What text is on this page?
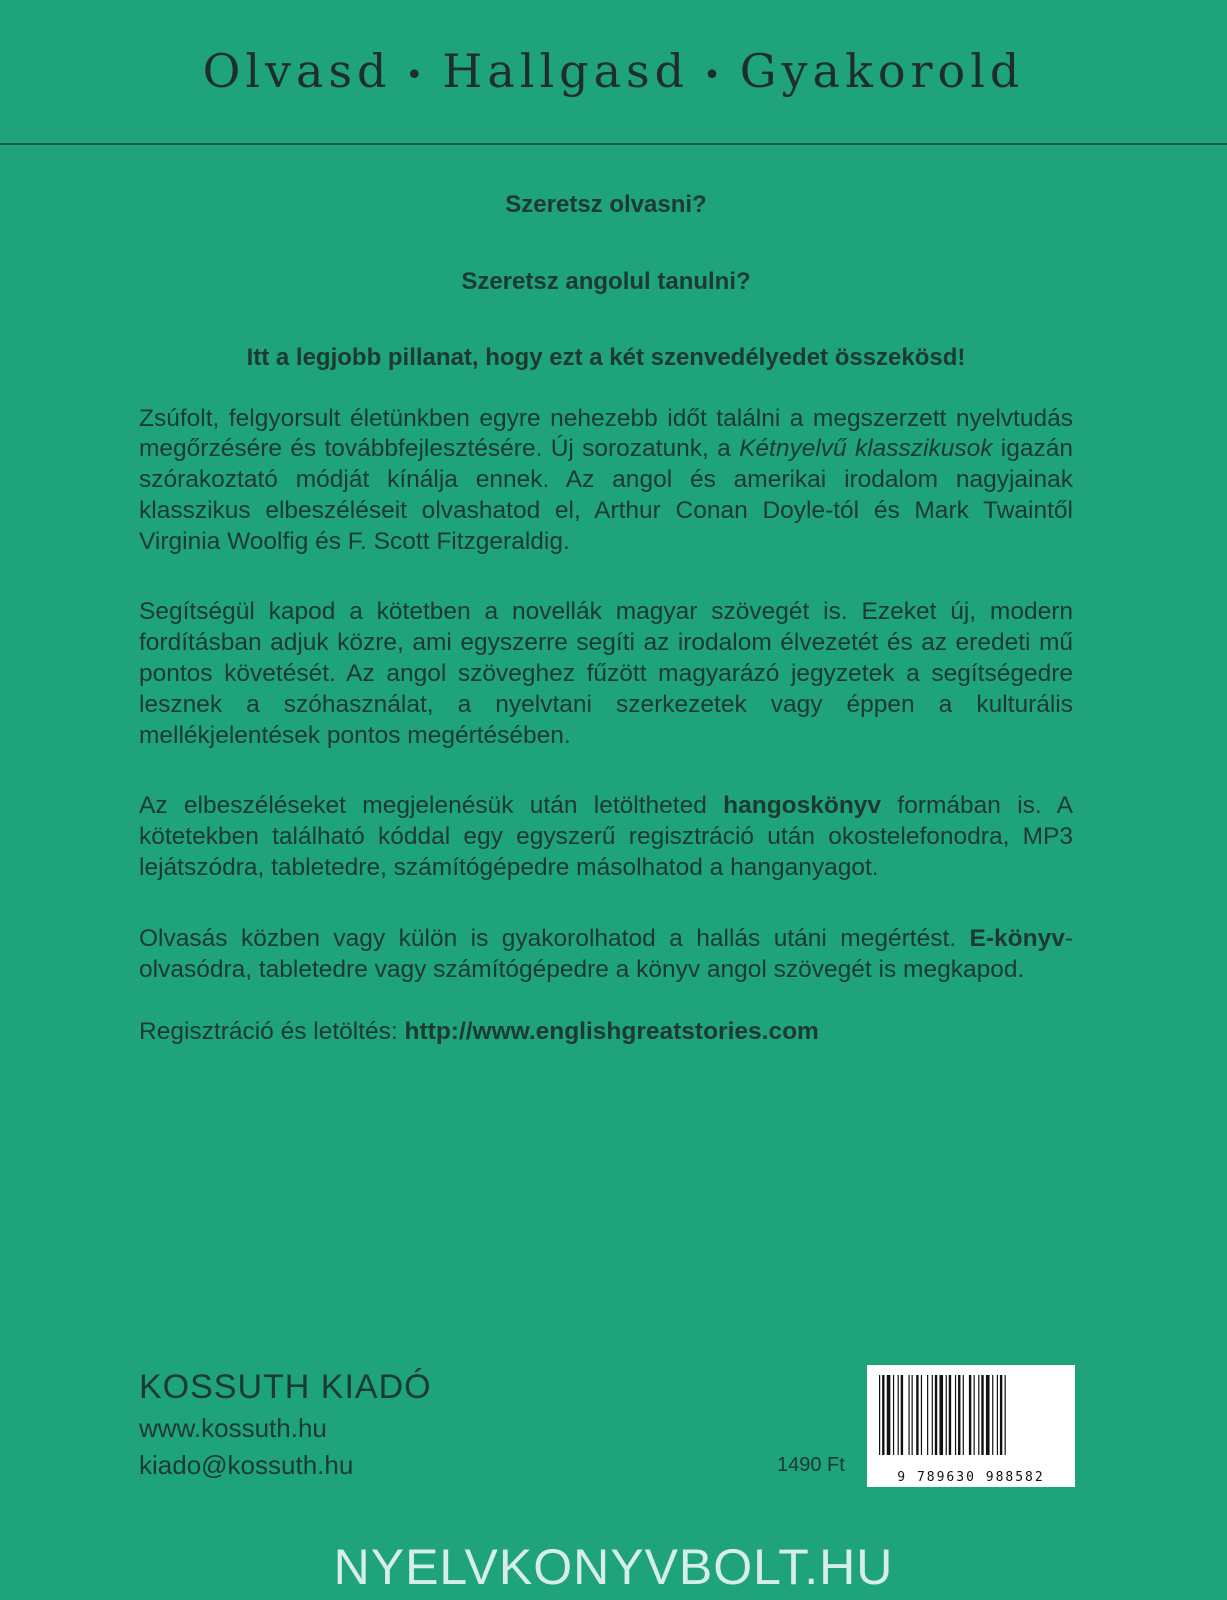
Olvasd • Hallgasd • Gyakorold

Szeretsz olvasni?

Szeretsz angolul tanulni?

Itt a legjobb pillanat, hogy ezt a két szenvedélyedet összekösd!

Zsúfolt, felgyorsult életünkben egyre nehezebb időt találni a megszerzett nyelvtudás megőrzésére és továbbfejlesztésére. Új sorozatunk, a Kétnyelvű klasszikusok igazán szórakoztató módját kínálja ennek. Az angol és amerikai irodalom nagyjainak klasszikus elbeszéléseit olvashatod el, Arthur Conan Doyle-tól és Mark Twaintől Virginia Woolfig és F. Scott Fitzgeraldig.

Segítségül kapod a kötetben a novellák magyar szövegét is. Ezeket új, modern fordításban adjuk közre, ami egyszerre segíti az irodalom élvezetét és az eredeti mű pontos követését. Az angol szöveghez fűzött magyarázó jegyzetek a segítségedre lesznek a szóhasználat, a nyelvtani szerkezetek vagy éppen a kulturális mellékjelentések pontos megértésében.

Az elbeszéléseket megjelenésük után letöltheted hangoskönyv formában is. A kötetekben található kóddal egy egyszerű regisztráció után okostelefonodra, MP3 lejátszódra, tabletedre, számítógépedre másolhatod a hanganyagot.

Olvasás közben vagy külön is gyakorolhatod a hallás utáni megértést. E-könyv-olvasódra, tabletedre vagy számítógépedre a könyv angol szövegét is megkapod.

Regisztráció és letöltés: http://www.englishgreatstories.com

KOSSUTH KIADÓ

www.kossuth.hu

kiado@kossuth.hu	1490 Ft
9 789630 988582
NYELVKONYVBOLT.HU
